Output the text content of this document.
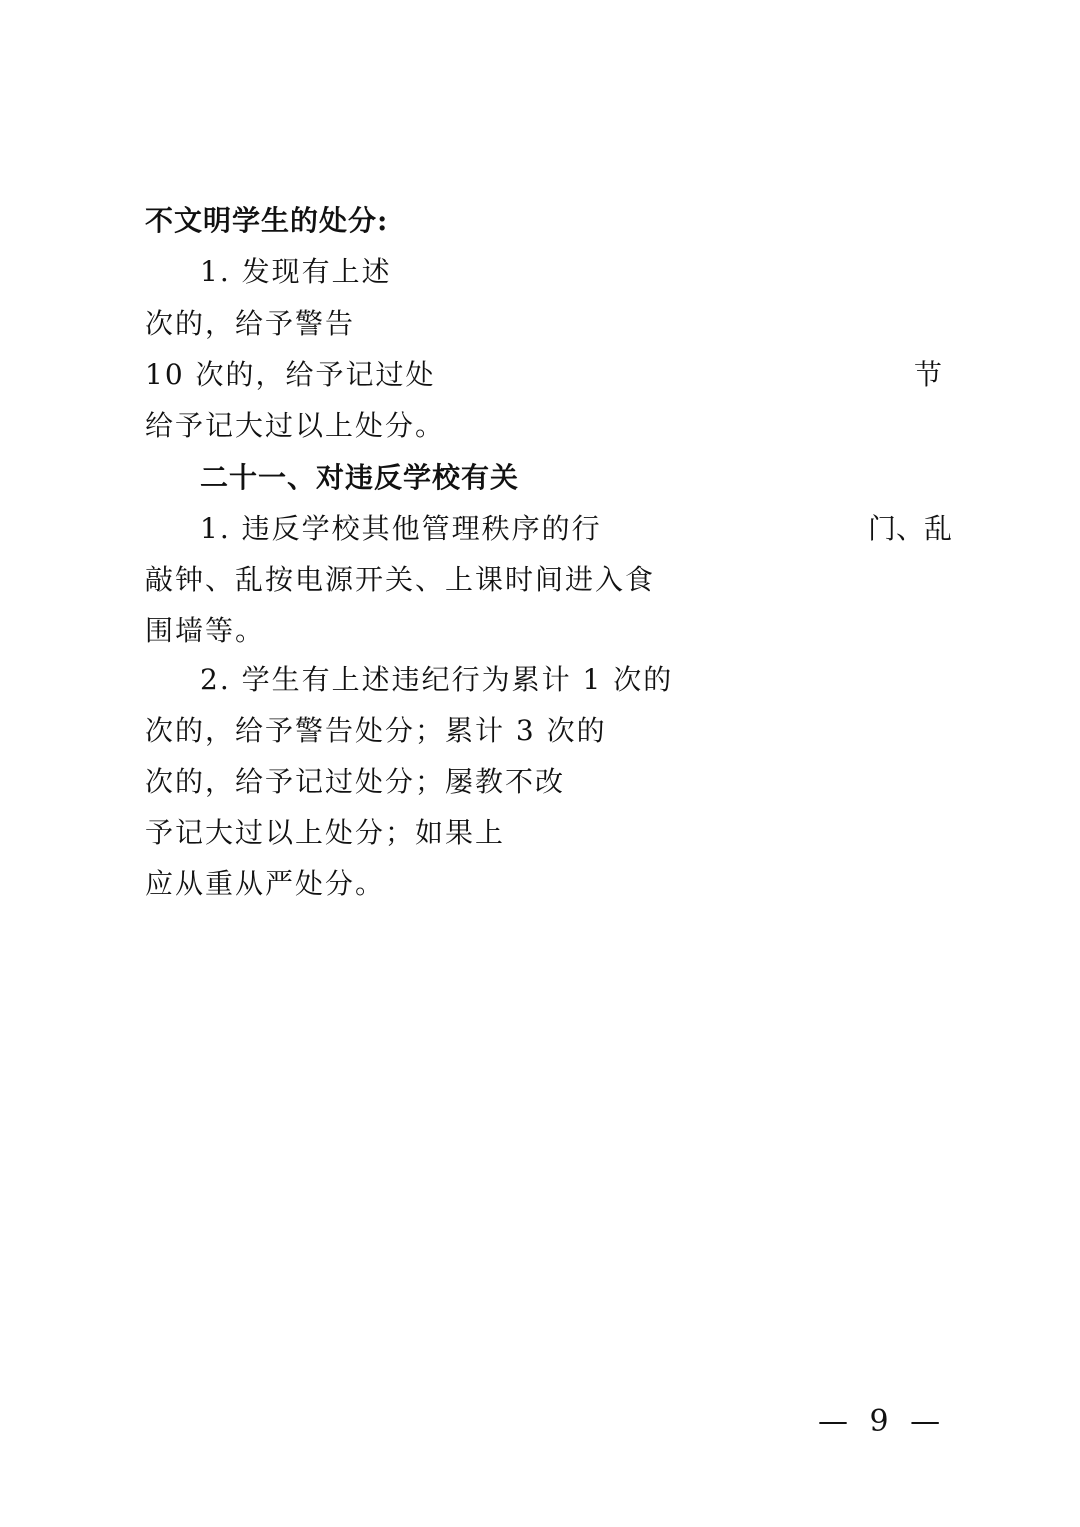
不文明学生的处分:
1. 发现有上述
次的，给予警告
10 次的，给予记过处	节
给予记大过以上处分。
二十一、对违反学校有关
1. 违反学校其他管理秩序的行	门、乱
敲钟、乱按电源开关、上课时间进入食
围墙等。
2. 学生有上述违纪行为累计 1 次的
次的，给予警告处分；累计 3 次的
次的，给予记过处分；屡教不改
予记大过以上处分；如果上
应从重从严处分。
— 9 —
